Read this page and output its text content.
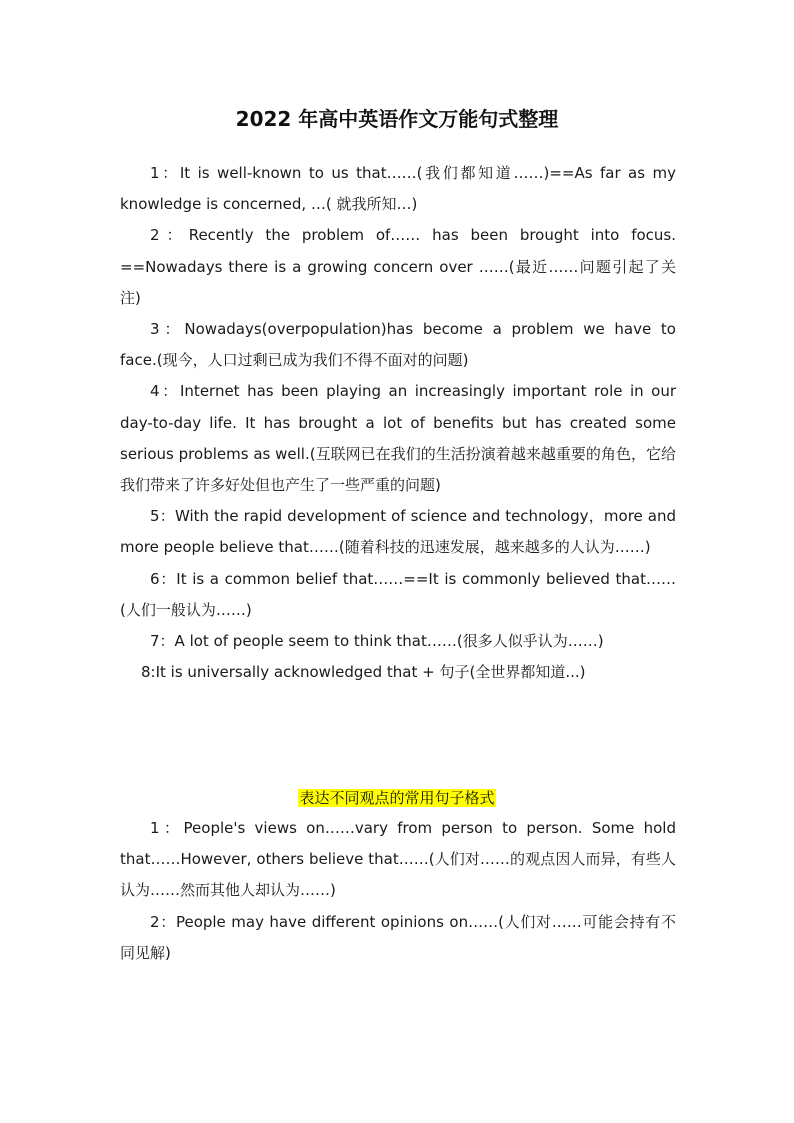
2022 年高中英语作文万能句式整理

1：It is well-known to us that……(我们都知道……)==As far as my knowledge is concerned, …( 就我所知…)

2：Recently the problem of…… has been brought into focus. ==Nowadays there is a growing concern over ……(最近……问题引起了关注)

3：Nowadays(overpopulation)has become a problem we have to face.(现今，人口过剩已成为我们不得不面对的问题)

4：Internet has been playing an increasingly important role in our day-to-day life. It has brought a lot of benefits but has created some serious problems as well.(互联网已在我们的生活扮演着越来越重要的角色，它给我们带来了许多好处但也产生了一些严重的问题)

5：With the rapid development of science and technology，more and more people believe that……(随着科技的迅速发展，越来越多的人认为……)

6：It is a common belief that……==It is commonly believed that……(人们一般认为……)

7：A lot of people seem to think that……(很多人似乎认为……)

8:It is universally acknowledged that + 句子(全世界都知道...)

表达不同观点的常用句子格式

1：People's views on……vary from person to person. Some hold that……However, others believe that……(人们对……的观点因人而异，有些人认为……然而其他人却认为……)

2：People may have different opinions on……(人们对……可能会持有不同见解)
